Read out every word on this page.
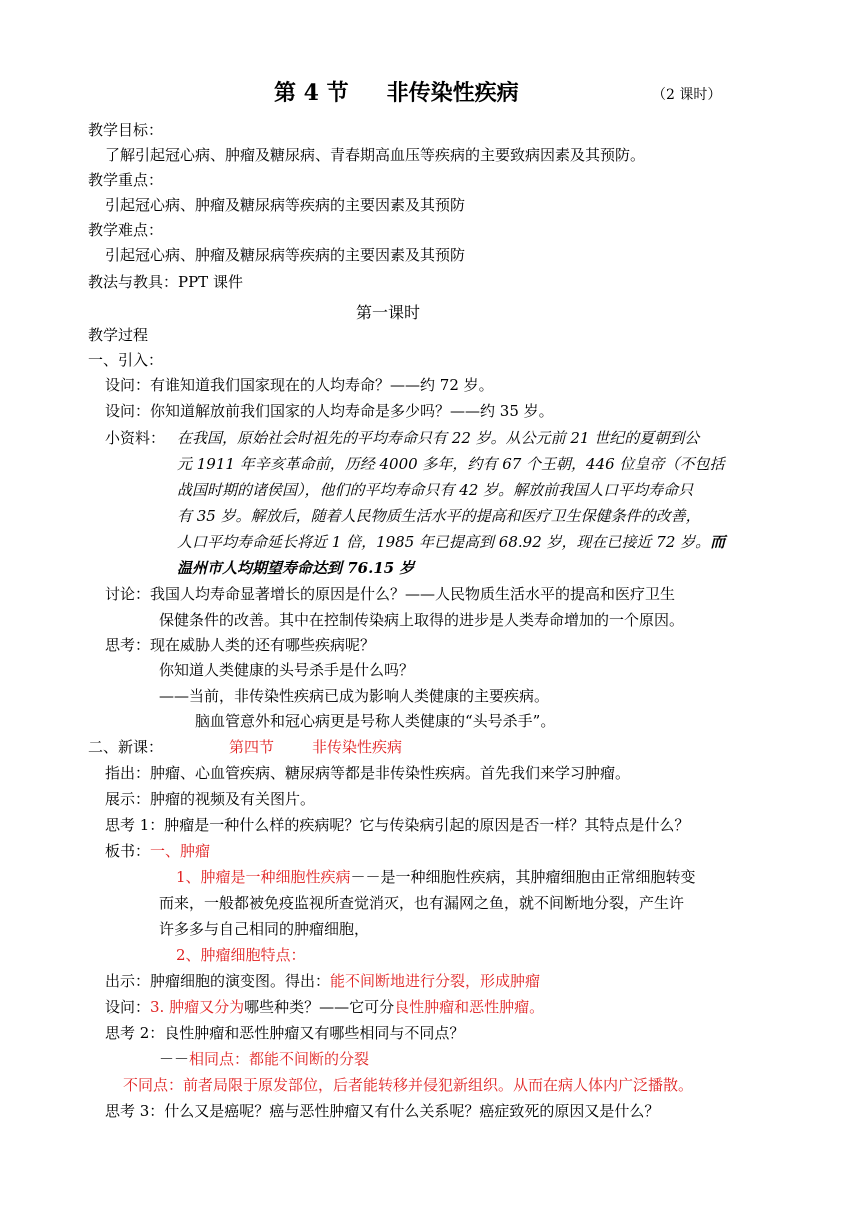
第 4 节 非传染性疾病	（2 课时）
教学目标：
了解引起冠心病、肿瘤及糖尿病、青春期高血压等疾病的主要致病因素及其预防。
教学重点：
引起冠心病、肿瘤及糖尿病等疾病的主要因素及其预防
教学难点：
引起冠心病、肿瘤及糖尿病等疾病的主要因素及其预防
教法与教具：PPT 课件
第一课时
教学过程
一、引入：
设问：有谁知道我们国家现在的人均寿命？——约 72 岁。
设问：你知道解放前我们国家的人均寿命是多少吗？——约 35 岁。
小资料： 在我国，原始社会时祖先的平均寿命只有 22 岁。从公元前 21 世纪的夏朝到公
元 1911 年辛亥革命前，历经 4000 多年，约有 67 个王朝，446 位皇帝（不包括
战国时期的诸侯国），他们的平均寿命只有 42 岁。解放前我国人口平均寿命只
有 35 岁。解放后，随着人民物质生活水平的提高和医疗卫生保健条件的改善，
人口平均寿命延长将近 1 倍，1985 年已提高到 68.92 岁，现在已接近 72 岁。而
温州市人均期望寿命达到 76.15 岁
讨论：我国人均寿命显著增长的原因是什么？——人民物质生活水平的提高和医疗卫生
保健条件的改善。其中在控制传染病上取得的进步是人类寿命增加的一个原因。
思考：现在威胁人类的还有哪些疾病呢？
你知道人类健康的头号杀手是什么吗？
——当前，非传染性疾病已成为影响人类健康的主要疾病。
脑血管意外和冠心病更是号称人类健康的“头号杀手”。
二、新课：	第四节	非传染性疾病
指出：肿瘤、心血管疾病、糖尿病等都是非传染性疾病。首先我们来学习肿瘤。
展示：肿瘤的视频及有关图片。
思考 1：肿瘤是一种什么样的疾病呢？它与传染病引起的原因是否一样？其特点是什么？
板书：一、肿瘤
1、肿瘤是一种细胞性疾病－－是一种细胞性疾病，其肿瘤细胞由正常细胞转变
而来，一般都被免疫监视所查觉消灭，也有漏网之鱼，就不间断地分裂，产生许
许多多与自己相同的肿瘤细胞，
2、肿瘤细胞特点：
出示：肿瘤细胞的演变图。得出：能不间断地进行分裂，形成肿瘤
设问：3. 肿瘤又分为哪些种类？——它可分良性肿瘤和恶性肿瘤。
思考 2：良性肿瘤和恶性肿瘤又有哪些相同与不同点？
－－相同点：都能不间断的分裂
不同点：前者局限于原发部位，后者能转移并侵犯新组织。从而在病人体内广泛播散。
思考 3：什么又是癌呢？癌与恶性肿瘤又有什么关系呢？癌症致死的原因又是什么？
